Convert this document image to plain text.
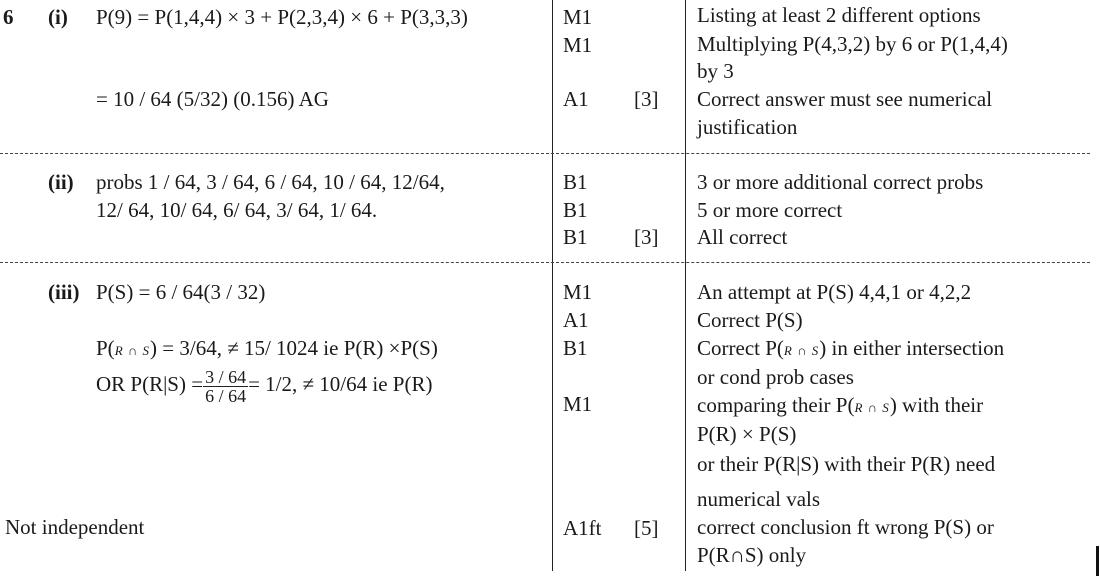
6 (i) P(9) = P(1,4,4) × 3 + P(2,3,4) × 6 + P(3,3,3)
= 10 / 64 (5/32) (0.156) AG
M1
M1
A1 [3]
Listing at least 2 different options
Multiplying P(4,3,2) by 6 or P(1,4,4)
by 3
Correct answer must see numerical
justification
(ii) probs 1 / 64, 3 / 64, 6 / 64, 10 / 64, 12/64,
12/ 64, 10/ 64, 6/ 64, 3/ 64, 1/ 64.
B1
B1
B1 [3]
3 or more additional correct probs
5 or more correct
All correct
(iii) P(S) = 6 / 64(3 / 32)
P(R ∩ S) = 3/64, ≠ 15/ 1024 ie P(R) ×P(S)
OR $P(R|S) = \frac{3 / 64}{6 / 64} = 1/2$, ≠ 10/64 ie P(R)
Not independent
M1
A1
B1
M1
A1ft [5]
An attempt at P(S) 4,4,1 or 4,2,2
Correct P(S)
Correct P(R ∩ S) in either intersection
or cond prob cases
comparing their P(R ∩ S) with their
P(R) × P(S)
or their P(R|S) with their P(R) need
numerical vals
correct conclusion ft wrong P(S) or
P(R∩S) only
